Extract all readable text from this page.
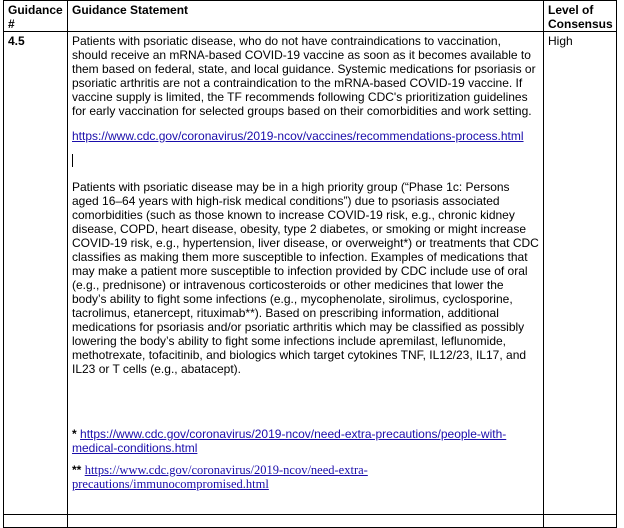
Guidance #	Guidance Statement	Level of Consensus
4.5	Patients with psoriatic disease, who do not have contraindications to vaccination, should receive an mRNA-based COVID-19 vaccine as soon as it becomes available to them based on federal, state, and local guidance. Systemic medications for psoriasis or psoriatic arthritis are not a contraindication to the mRNA-based COVID-19 vaccine. If vaccine supply is limited, the TF recommends following CDC's prioritization guidelines for early vaccination for selected groups based on their comorbidities and work setting.

https://www.cdc.gov/coronavirus/2019-ncov/vaccines/recommendations-process.html

Patients with psoriatic disease may be in a high priority group (“Phase 1c: Persons aged 16–64 years with high-risk medical conditions”) due to psoriasis associated comorbidities (such as those known to increase COVID-19 risk, e.g., chronic kidney disease, COPD, heart disease, obesity, type 2 diabetes, or smoking or might increase COVID-19 risk, e.g., hypertension, liver disease, or overweight*) or treatments that CDC classifies as making them more susceptible to infection. Examples of medications that may make a patient more susceptible to infection provided by CDC include use of oral (e.g., prednisone) or intravenous corticosteroids or other medicines that lower the body’s ability to fight some infections (e.g., mycophenolate, sirolimus, cyclosporine, tacrolimus, etanercept, rituximab**). Based on prescribing information, additional medications for psoriasis and/or psoriatic arthritis which may be classified as possibly lowering the body’s ability to fight some infections include apremilast, leflunomide, methotrexate, tofacitinib, and biologics which target cytokines TNF, IL12/23, IL17, and IL23 or T cells (e.g., abatacept).

* https://www.cdc.gov/coronavirus/2019-ncov/need-extra-precautions/people-with-medical-conditions.html

** https://www.cdc.gov/coronavirus/2019-ncov/need-extra-precautions/immunocompromised.html	High
